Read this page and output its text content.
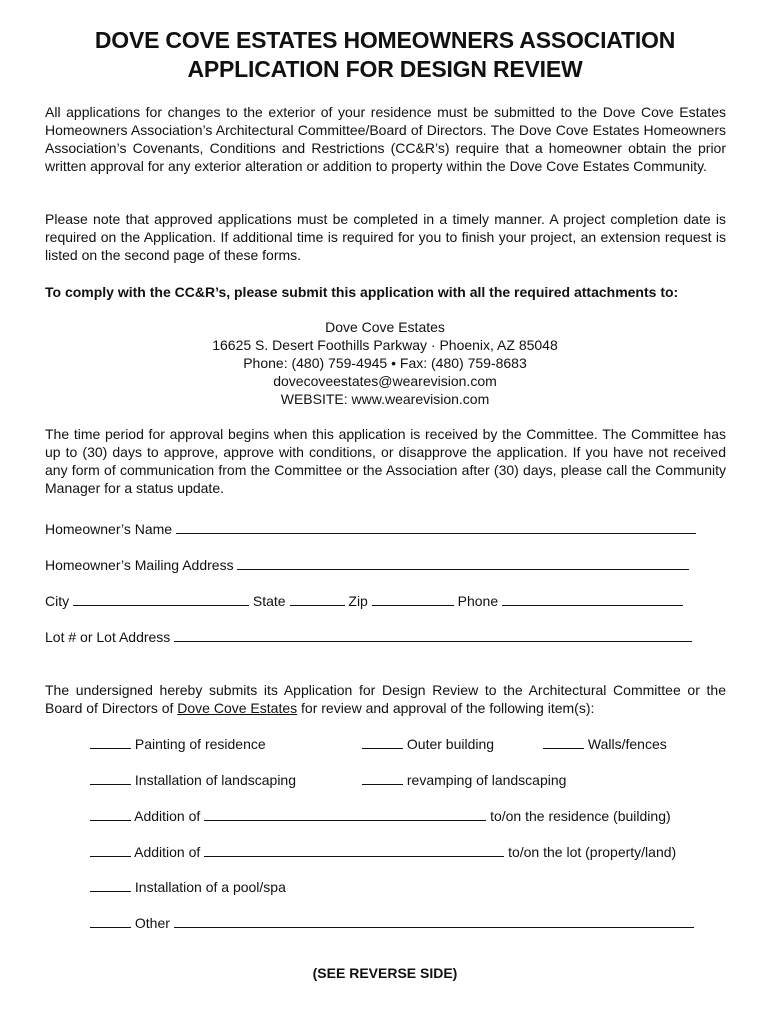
DOVE COVE ESTATES HOMEOWNERS ASSOCIATION
APPLICATION FOR DESIGN REVIEW
All applications for changes to the exterior of your residence must be submitted to the Dove Cove Estates Homeowners Association’s Architectural Committee/Board of Directors. The Dove Cove Estates Homeowners Association’s Covenants, Conditions and Restrictions (CC&R’s) require that a homeowner obtain the prior written approval for any exterior alteration or addition to property within the Dove Cove Estates Community.
Please note that approved applications must be completed in a timely manner. A project completion date is required on the Application. If additional time is required for you to finish your project, an extension request is listed on the second page of these forms.
To comply with the CC&R’s, please submit this application with all the required attachments to:
Dove Cove Estates
16625 S. Desert Foothills Parkway · Phoenix, AZ 85048
Phone: (480) 759-4945 • Fax: (480) 759-8683
dovecoveestates@wearevision.com
WEBSITE: www.wearevision.com
The time period for approval begins when this application is received by the Committee. The Committee has up to (30) days to approve, approve with conditions, or disapprove the application. If you have not received any form of communication from the Committee or the Association after (30) days, please call the Community Manager for a status update.
Homeowner’s Name
Homeowner’s Mailing Address
City	State	Zip	Phone
Lot # or Lot Address
The undersigned hereby submits its Application for Design Review to the Architectural Committee or the Board of Directors of Dove Cove Estates for review and approval of the following item(s):
Painting of residence	Outer building	Walls/fences
Installation of landscaping	revamping of landscaping
Addition of	to/on the residence (building)
Addition of	to/on the lot (property/land)
Installation of a pool/spa
Other
(SEE REVERSE SIDE)
